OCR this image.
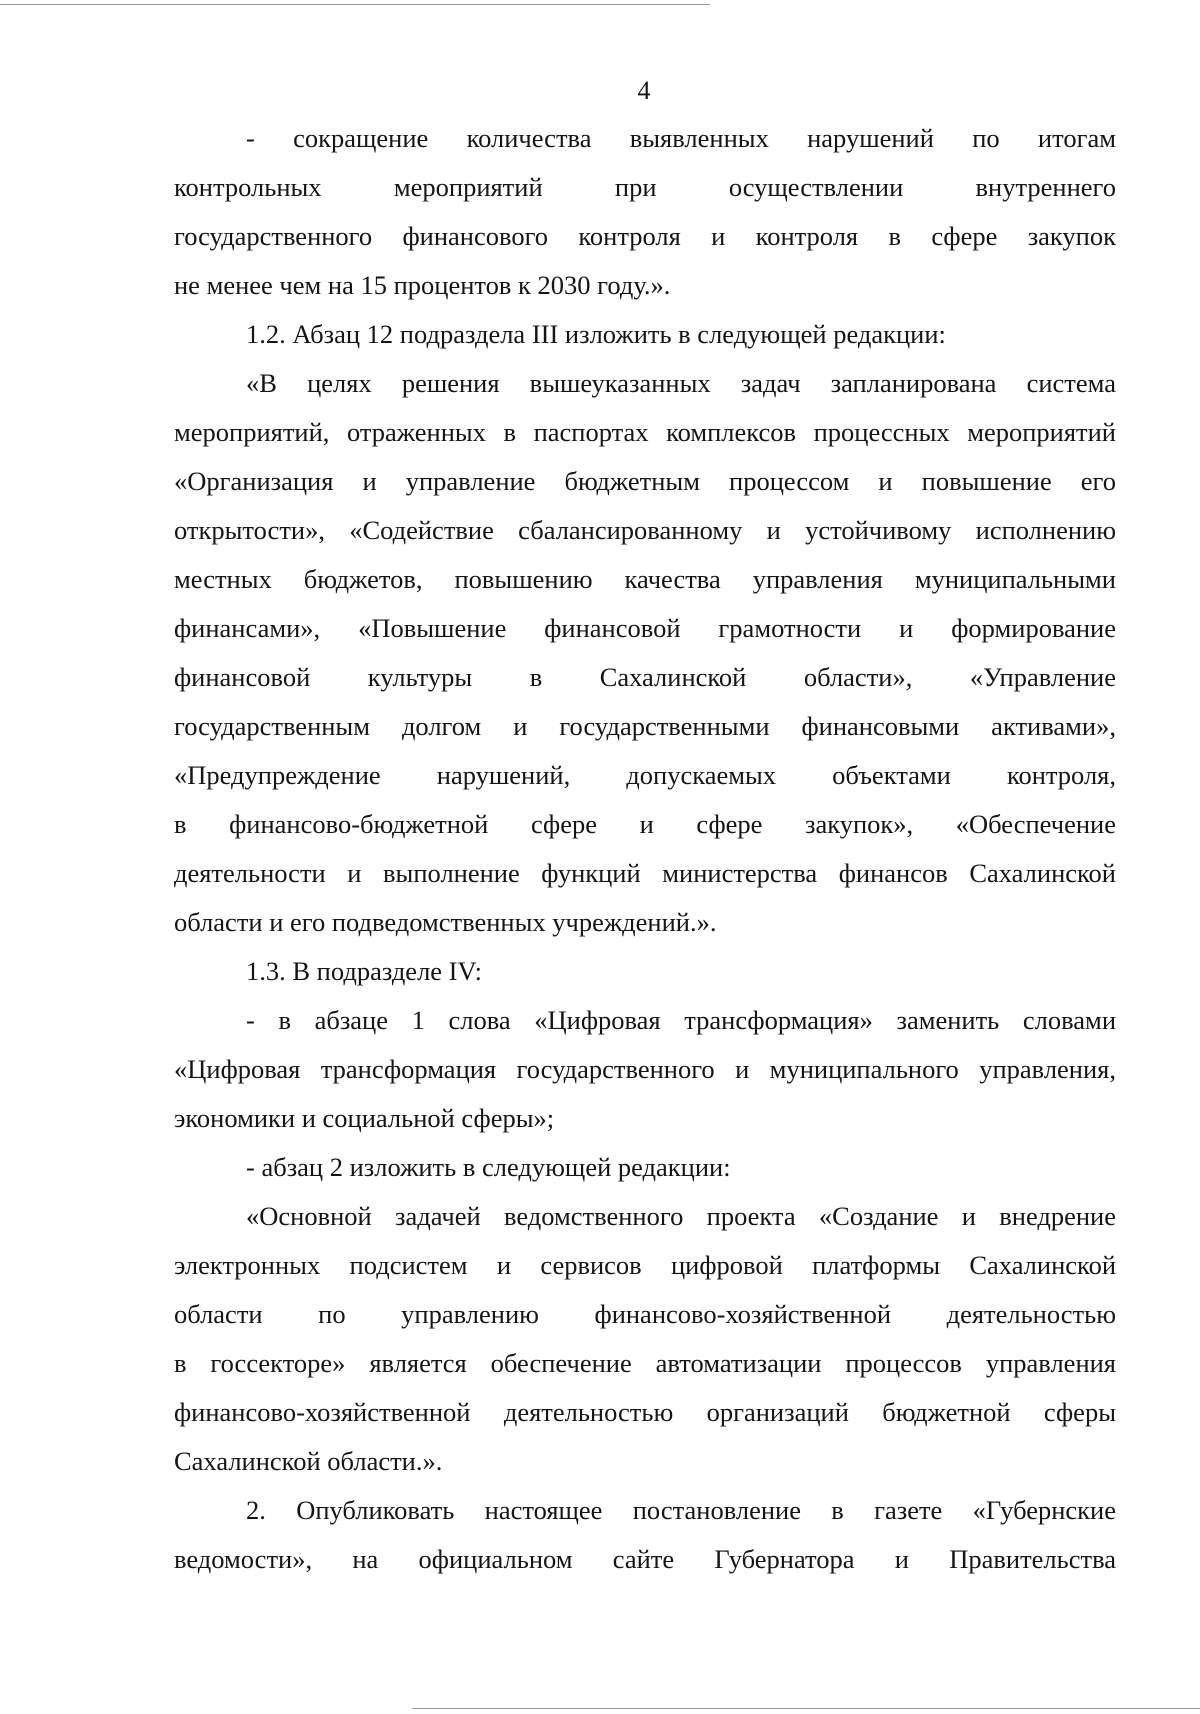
4
- сокращение количества выявленных нарушений по итогам
контрольных мероприятий при осуществлении внутреннего
государственного финансового контроля и контроля в сфере закупок
не менее чем на 15 процентов к 2030 году.».
1.2. Абзац 12 подраздела III изложить в следующей редакции:
«В целях решения вышеуказанных задач запланирована система
мероприятий, отраженных в паспортах комплексов процессных мероприятий
«Организация и управление бюджетным процессом и повышение его
открытости», «Содействие сбалансированному и устойчивому исполнению
местных бюджетов, повышению качества управления муниципальными
финансами», «Повышение финансовой грамотности и формирование
финансовой культуры в Сахалинской области», «Управление
государственным долгом и государственными финансовыми активами»,
«Предупреждение нарушений, допускаемых объектами контроля,
в финансово-бюджетной сфере и сфере закупок», «Обеспечение
деятельности и выполнение функций министерства финансов Сахалинской
области и его подведомственных учреждений.».
1.3. В подразделе IV:
- в абзаце 1 слова «Цифровая трансформация» заменить словами
«Цифровая трансформация государственного и муниципального управления,
экономики и социальной сферы»;
- абзац 2 изложить в следующей редакции:
«Основной задачей ведомственного проекта «Создание и внедрение
электронных подсистем и сервисов цифровой платформы Сахалинской
области по управлению финансово-хозяйственной деятельностью
в госсекторе» является обеспечение автоматизации процессов управления
финансово-хозяйственной деятельностью организаций бюджетной сферы
Сахалинской области.».
2. Опубликовать настоящее постановление в газете «Губернские
ведомости», на официальном сайте Губернатора и Правительства
